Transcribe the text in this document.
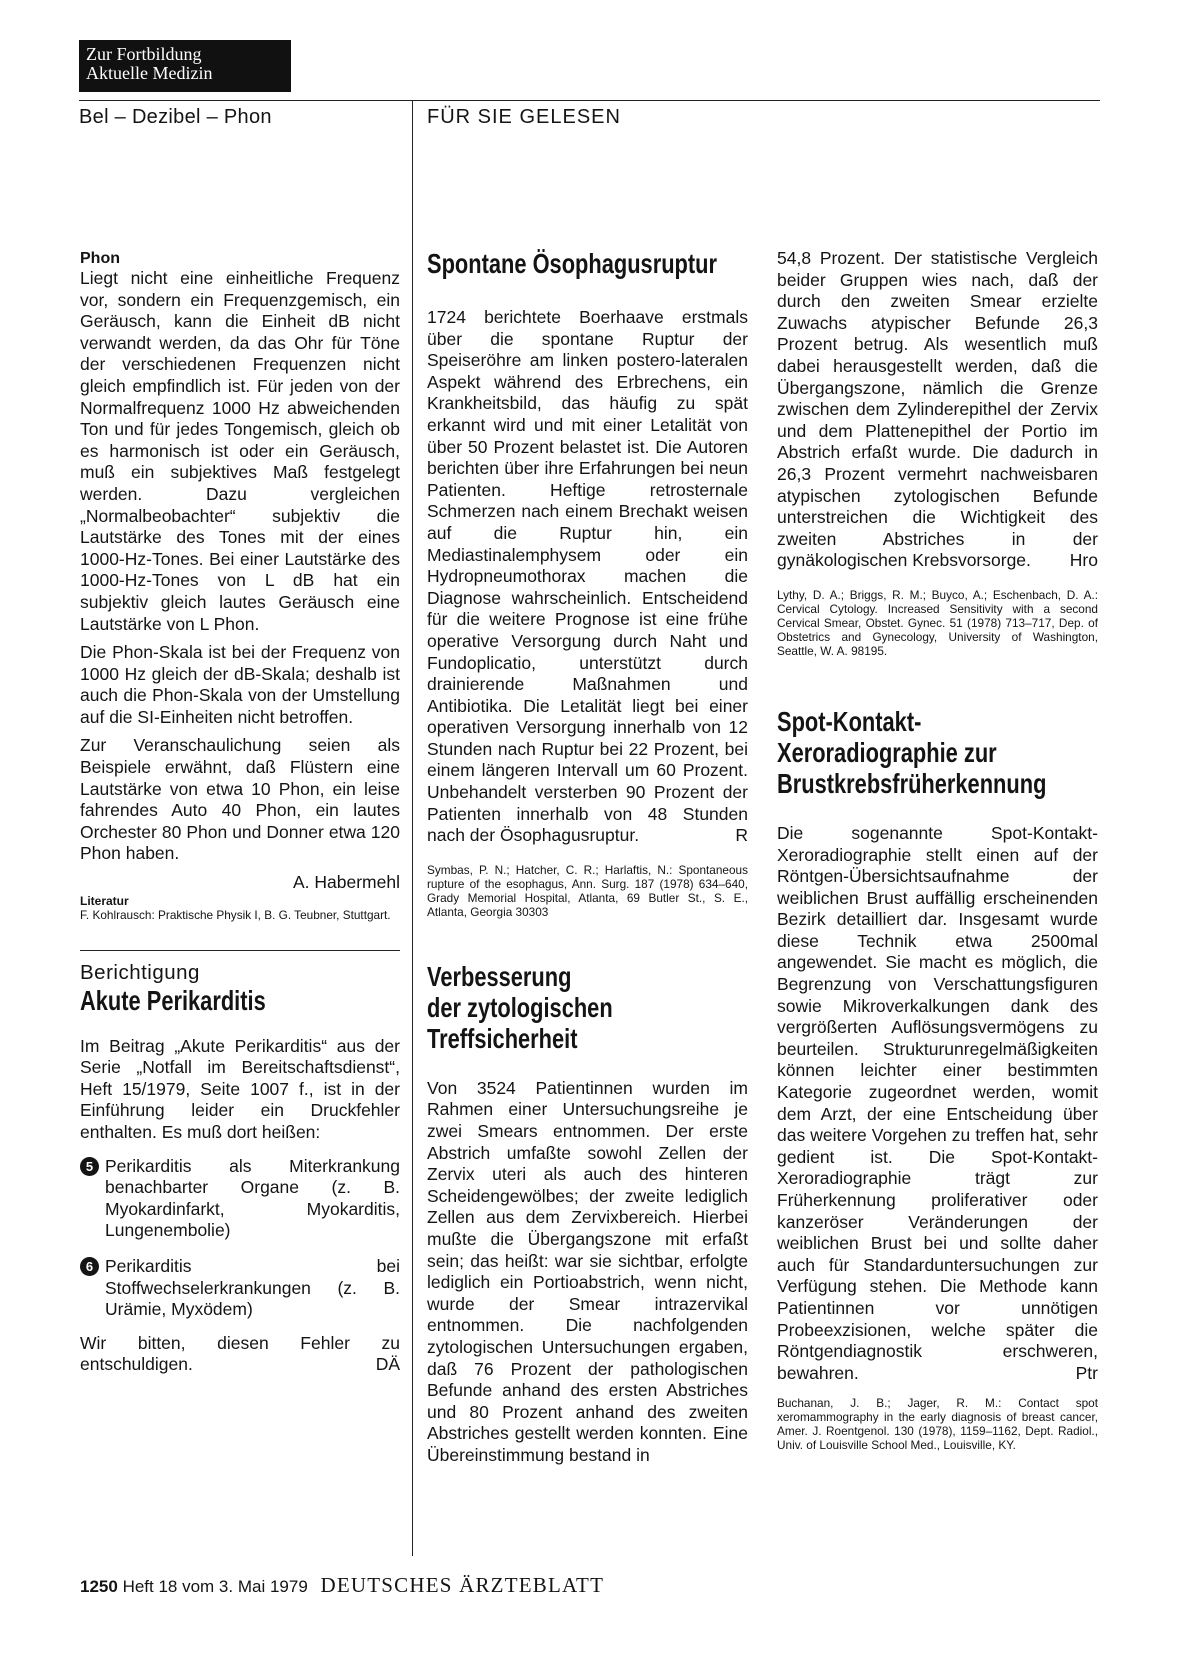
Zur Fortbildung
Aktuelle Medizin
Bel – Dezibel – Phon	FÜR SIE GELESEN

Phon

Liegt nicht eine einheitliche Frequenz vor, sondern ein Frequenzgemisch, ein Geräusch, kann die Einheit dB nicht verwandt werden, da das Ohr für Töne der verschiedenen Frequenzen nicht gleich empfindlich ist. Für jeden von der Normalfrequenz 1000 Hz abweichenden Ton und für jedes Tongemisch, gleich ob es harmonisch ist oder ein Geräusch, muß ein subjektives Maß festgelegt werden. Dazu vergleichen „Normalbeobachter“ subjektiv die Lautstärke des Tones mit der eines 1000-Hz-Tones. Bei einer Lautstärke des 1000-Hz-Tones von L dB hat ein subjektiv gleich lautes Geräusch eine Lautstärke von L Phon.

Die Phon-Skala ist bei der Frequenz von 1000 Hz gleich der dB-Skala; deshalb ist auch die Phon-Skala von der Umstellung auf die SI-Einheiten nicht betroffen.

Zur Veranschaulichung seien als Beispiele erwähnt, daß Flüstern eine Lautstärke von etwa 10 Phon, ein leise fahrendes Auto 40 Phon, ein lautes Orchester 80 Phon und Donner etwa 120 Phon haben.

A. Habermehl

Literatur

F. Kohlrausch: Praktische Physik I, B. G. Teubner, Stuttgart.

Berichtigung

Akute Perikarditis

Im Beitrag „Akute Perikarditis“ aus der Serie „Notfall im Bereitschaftsdienst“, Heft 15/1979, Seite 1007 f., ist in der Einführung leider ein Druckfehler enthalten. Es muß dort heißen:

5 Perikarditis als Miterkrankung benachbarter Organe (z. B. Myokardinfarkt, Myokarditis, Lungenembolie)
6 Perikarditis bei Stoffwechselerkrankungen (z. B. Urämie, Myxödem)

Wir bitten, diesen Fehler zu entschuldigen.	DÄ

Spontane Ösophagusruptur

1724 berichtete Boerhaave erstmals über die spontane Ruptur der Speiseröhre am linken postero-lateralen Aspekt während des Erbrechens, ein Krankheitsbild, das häufig zu spät erkannt wird und mit einer Letalität von über 50 Prozent belastet ist. Die Autoren berichten über ihre Erfahrungen bei neun Patienten. Heftige retrosternale Schmerzen nach einem Brechakt weisen auf die Ruptur hin, ein Mediastinalemphysem oder ein Hydropneumothorax machen die Diagnose wahrscheinlich. Entscheidend für die weitere Prognose ist eine frühe operative Versorgung durch Naht und Fundoplicatio, unterstützt durch drainierende Maßnahmen und Antibiotika. Die Letalität liegt bei einer operativen Versorgung innerhalb von 12 Stunden nach Ruptur bei 22 Prozent, bei einem längeren Intervall um 60 Prozent. Unbehandelt versterben 90 Prozent der Patienten innerhalb von 48 Stunden nach der Ösophagusruptur.	R

Symbas, P. N.; Hatcher, C. R.; Harlaftis, N.: Spontaneous rupture of the esophagus, Ann. Surg. 187 (1978) 634–640, Grady Memorial Hospital, Atlanta, 69 Butler St., S. E., Atlanta, Georgia 30303

Verbesserung

der zytologischen

Treffsicherheit

Von 3524 Patientinnen wurden im Rahmen einer Untersuchungsreihe je zwei Smears entnommen. Der erste Abstrich umfaßte sowohl Zellen der Zervix uteri als auch des hinteren Scheidengewölbes; der zweite lediglich Zellen aus dem Zervixbereich. Hierbei mußte die Übergangszone mit erfaßt sein; das heißt: war sie sichtbar, erfolgte lediglich ein Portioabstrich, wenn nicht, wurde der Smear intrazervikal entnommen. Die nachfolgenden zytologischen Untersuchungen ergaben, daß 76 Prozent der pathologischen Befunde anhand des ersten Abstriches und 80 Prozent anhand des zweiten Abstriches gestellt werden konnten. Eine Übereinstimmung bestand in

54,8 Prozent. Der statistische Vergleich beider Gruppen wies nach, daß der durch den zweiten Smear erzielte Zuwachs atypischer Befunde 26,3 Prozent betrug. Als wesentlich muß dabei herausgestellt werden, daß die Übergangszone, nämlich die Grenze zwischen dem Zylinderepithel der Zervix und dem Plattenepithel der Portio im Abstrich erfaßt wurde. Die dadurch in 26,3 Prozent vermehrt nachweisbaren atypischen zytologischen Befunde unterstreichen die Wichtigkeit des zweiten Abstriches in der gynäkologischen Krebsvorsorge. Hro

Lythy, D. A.; Briggs, R. M.; Buyco, A.; Eschenbach, D. A.: Cervical Cytology. Increased Sensitivity with a second Cervical Smear, Obstet. Gynec. 51 (1978) 713–717, Dep. of Obstetrics and Gynecology, University of Washington, Seattle, W. A. 98195.

Spot-Kontakt-

Xeroradiographie zur

Brustkrebsfrüherkennung

Die sogenannte Spot-Kontakt-Xeroradiographie stellt einen auf der Röntgen-Übersichtsaufnahme der weiblichen Brust auffällig erscheinenden Bezirk detailliert dar. Insgesamt wurde diese Technik etwa 2500mal angewendet. Sie macht es möglich, die Begrenzung von Verschattungsfiguren sowie Mikroverkalkungen dank des vergrößerten Auflösungsvermögens zu beurteilen. Strukturunregelmäßigkeiten können leichter einer bestimmten Kategorie zugeordnet werden, womit dem Arzt, der eine Entscheidung über das weitere Vorgehen zu treffen hat, sehr gedient ist. Die Spot-Kontakt-Xeroradiographie trägt zur Früherkennung proliferativer oder kanzeröser Veränderungen der weiblichen Brust bei und sollte daher auch für Standarduntersuchungen zur Verfügung stehen. Die Methode kann Patientinnen vor unnötigen Probeexzisionen, welche später die Röntgendiagnostik erschweren, bewahren.	Ptr

Buchanan, J. B.; Jager, R. M.: Contact spot xeromammography in the early diagnosis of breast cancer, Amer. J. Roentgenol. 130 (1978), 1159–1162, Dept. Radiol., Univ. of Louisville School Med., Louisville, KY.

1250 Heft 18 vom 3. Mai 1979 DEUTSCHES ÄRZTEBLATT
